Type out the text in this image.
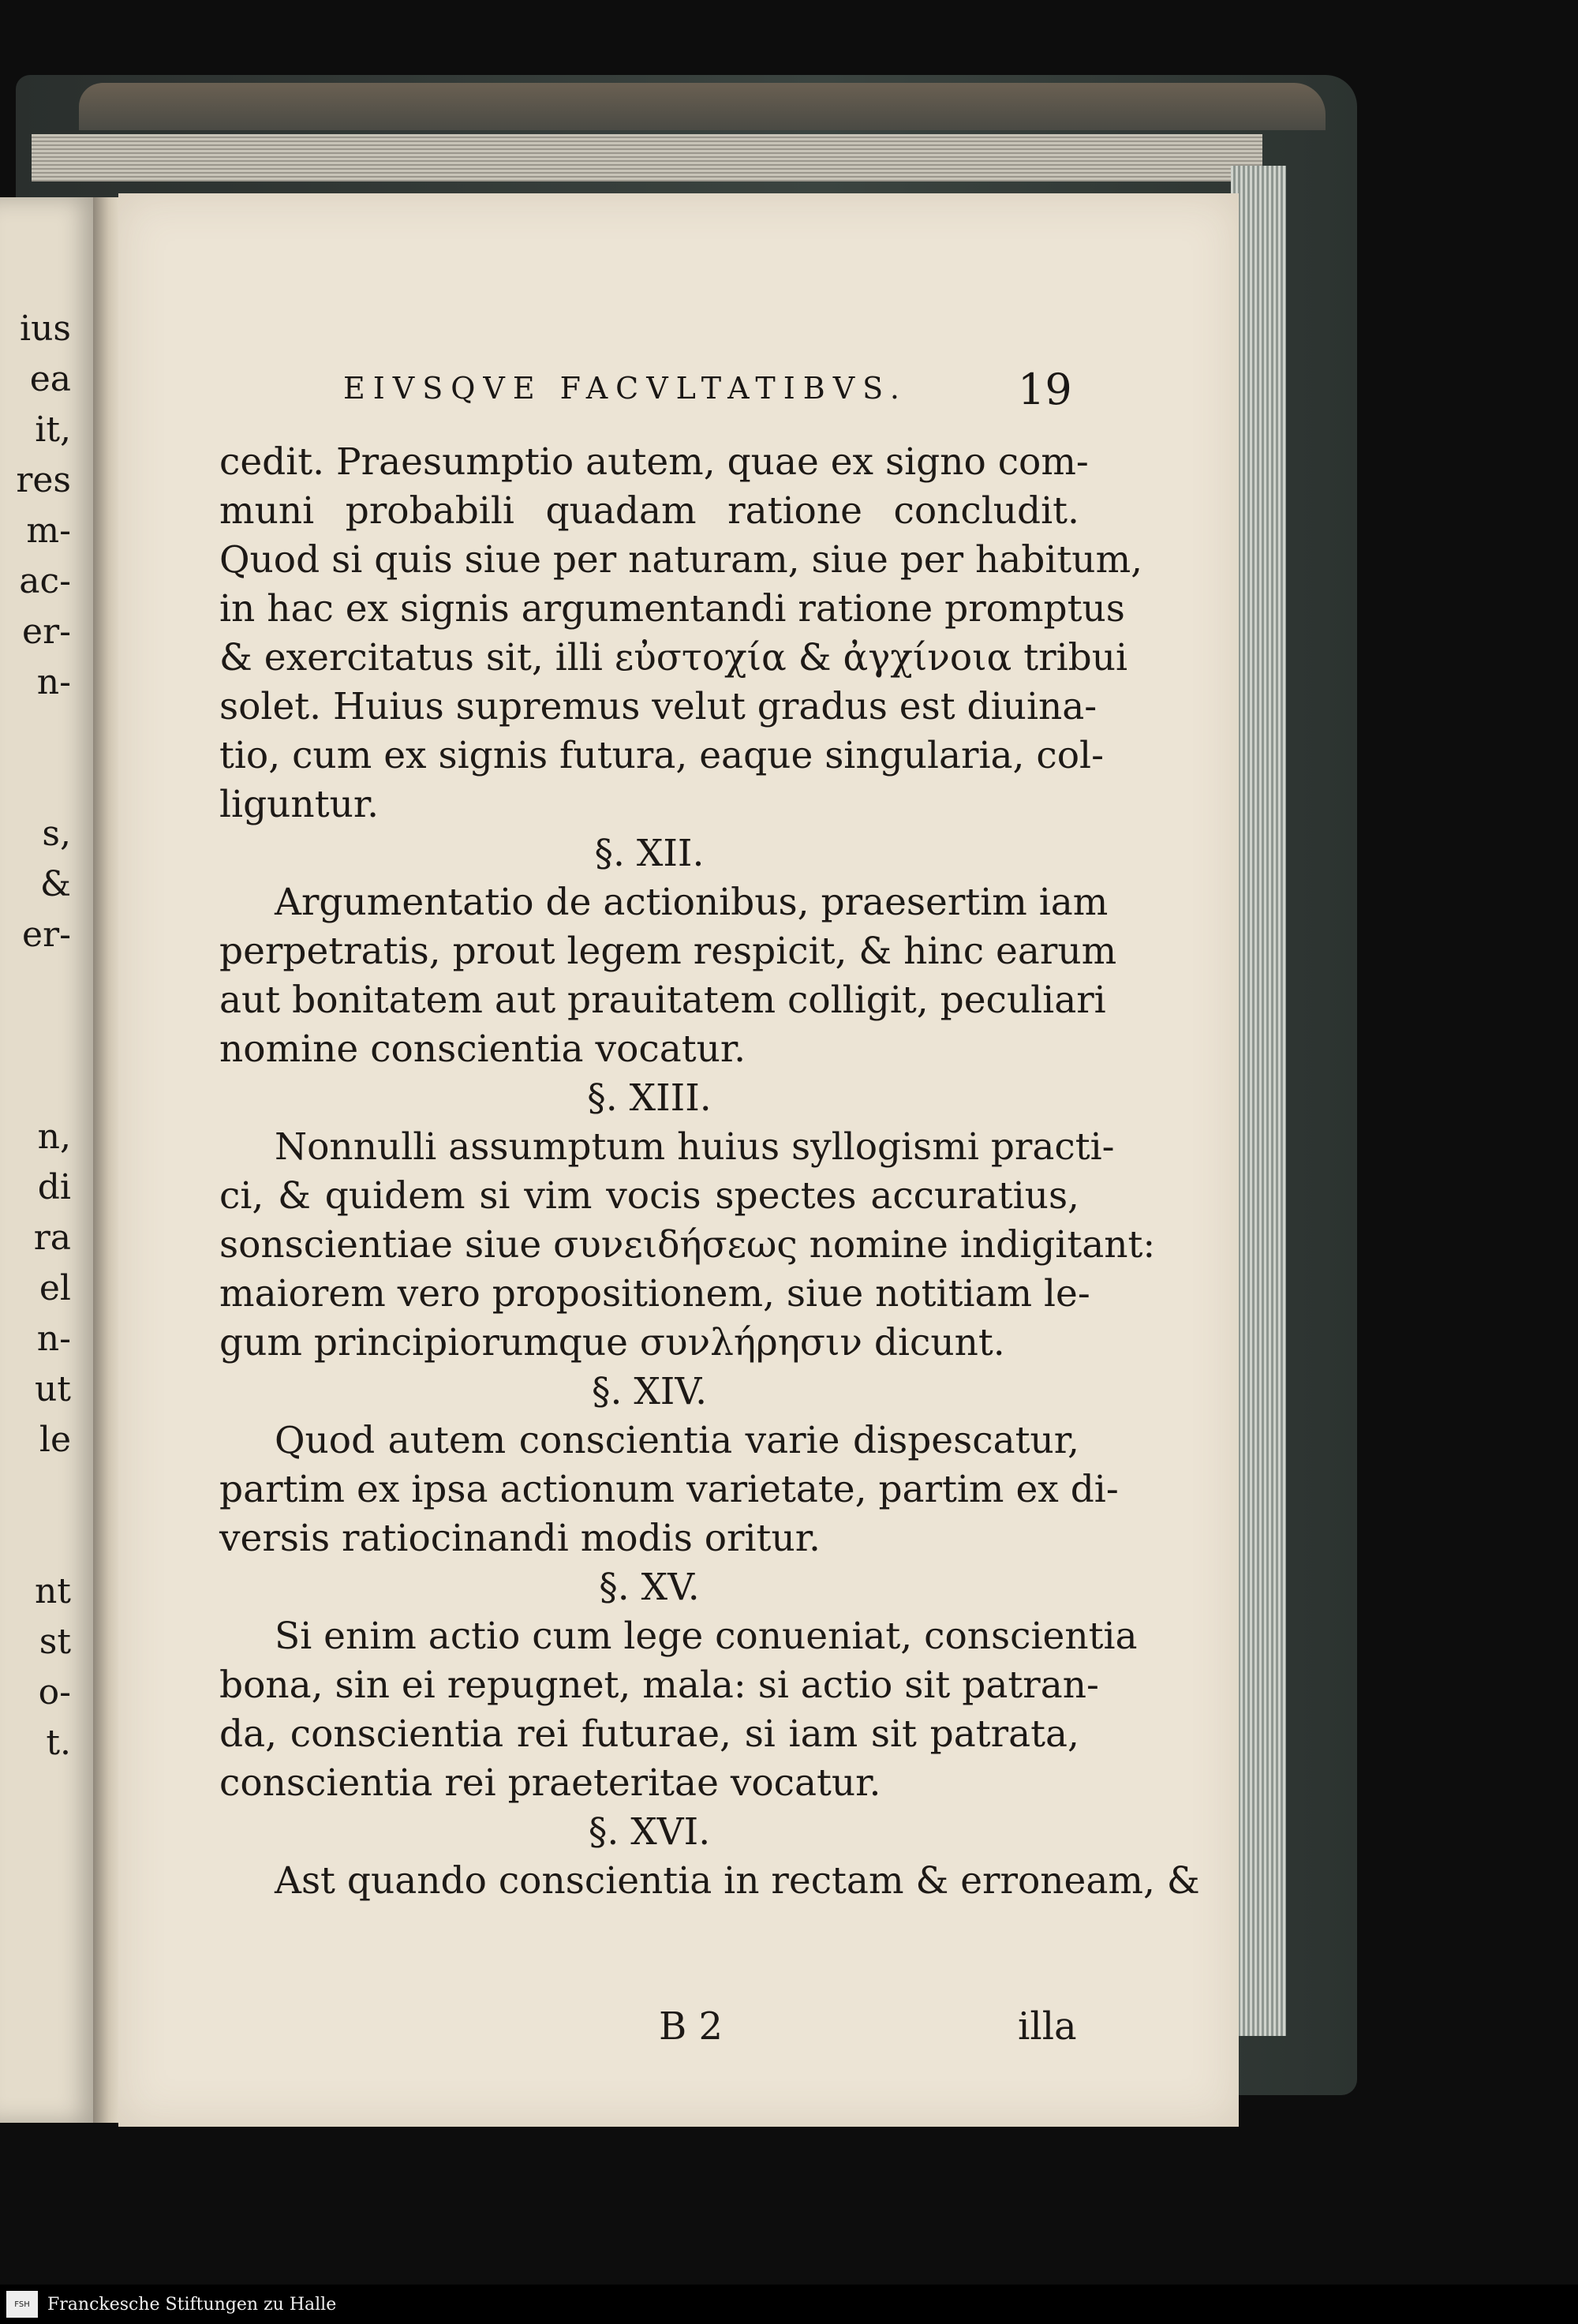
ius
ea
it,
res
m-
ac-
er-
n-
s,
&
er-
n,
di
ra
el
n-
ut
le
nt
st
o-
t.
EIVSQVE FACVLTATIBVS.	19
cedit. Praesumptio autem, quae ex signo com-
muni probabili quadam ratione concludit.
Quod si quis siue per naturam, siue per habitum,
in hac ex signis argumentandi ratione promptus
& exercitatus sit, illi εὐστοχία & ἀγχίνοια tribui
solet. Huius supremus velut gradus est diuina-
tio, cum ex signis futura, eaque singularia, col-
liguntur.
§. XII.
Argumentatio de actionibus, praesertim iam
perpetratis, prout legem respicit, & hinc earum
aut bonitatem aut prauitatem colligit, peculiari
nomine conscientia vocatur.
§. XIII.
Nonnulli assumptum huius syllogismi practi-
ci, & quidem si vim vocis spectes accuratius,
sonscientiae siue συνειδήσεως nomine indigitant:
maiorem vero propositionem, siue notitiam le-
gum principiorumque συνλήρησιν dicunt.
§. XIV.
Quod autem conscientia varie dispescatur,
partim ex ipsa actionum varietate, partim ex di-
versis ratiocinandi modis oritur.
§. XV.
Si enim actio cum lege conueniat, conscientia
bona, sin ei repugnet, mala: si actio sit patran-
da, conscientia rei futurae, si iam sit patrata,
conscientia rei praeteritae vocatur.
§. XVI.
Ast quando conscientia in rectam & erroneam, &
B 2	illa
FSH	Franckesche Stiftungen zu Halle
